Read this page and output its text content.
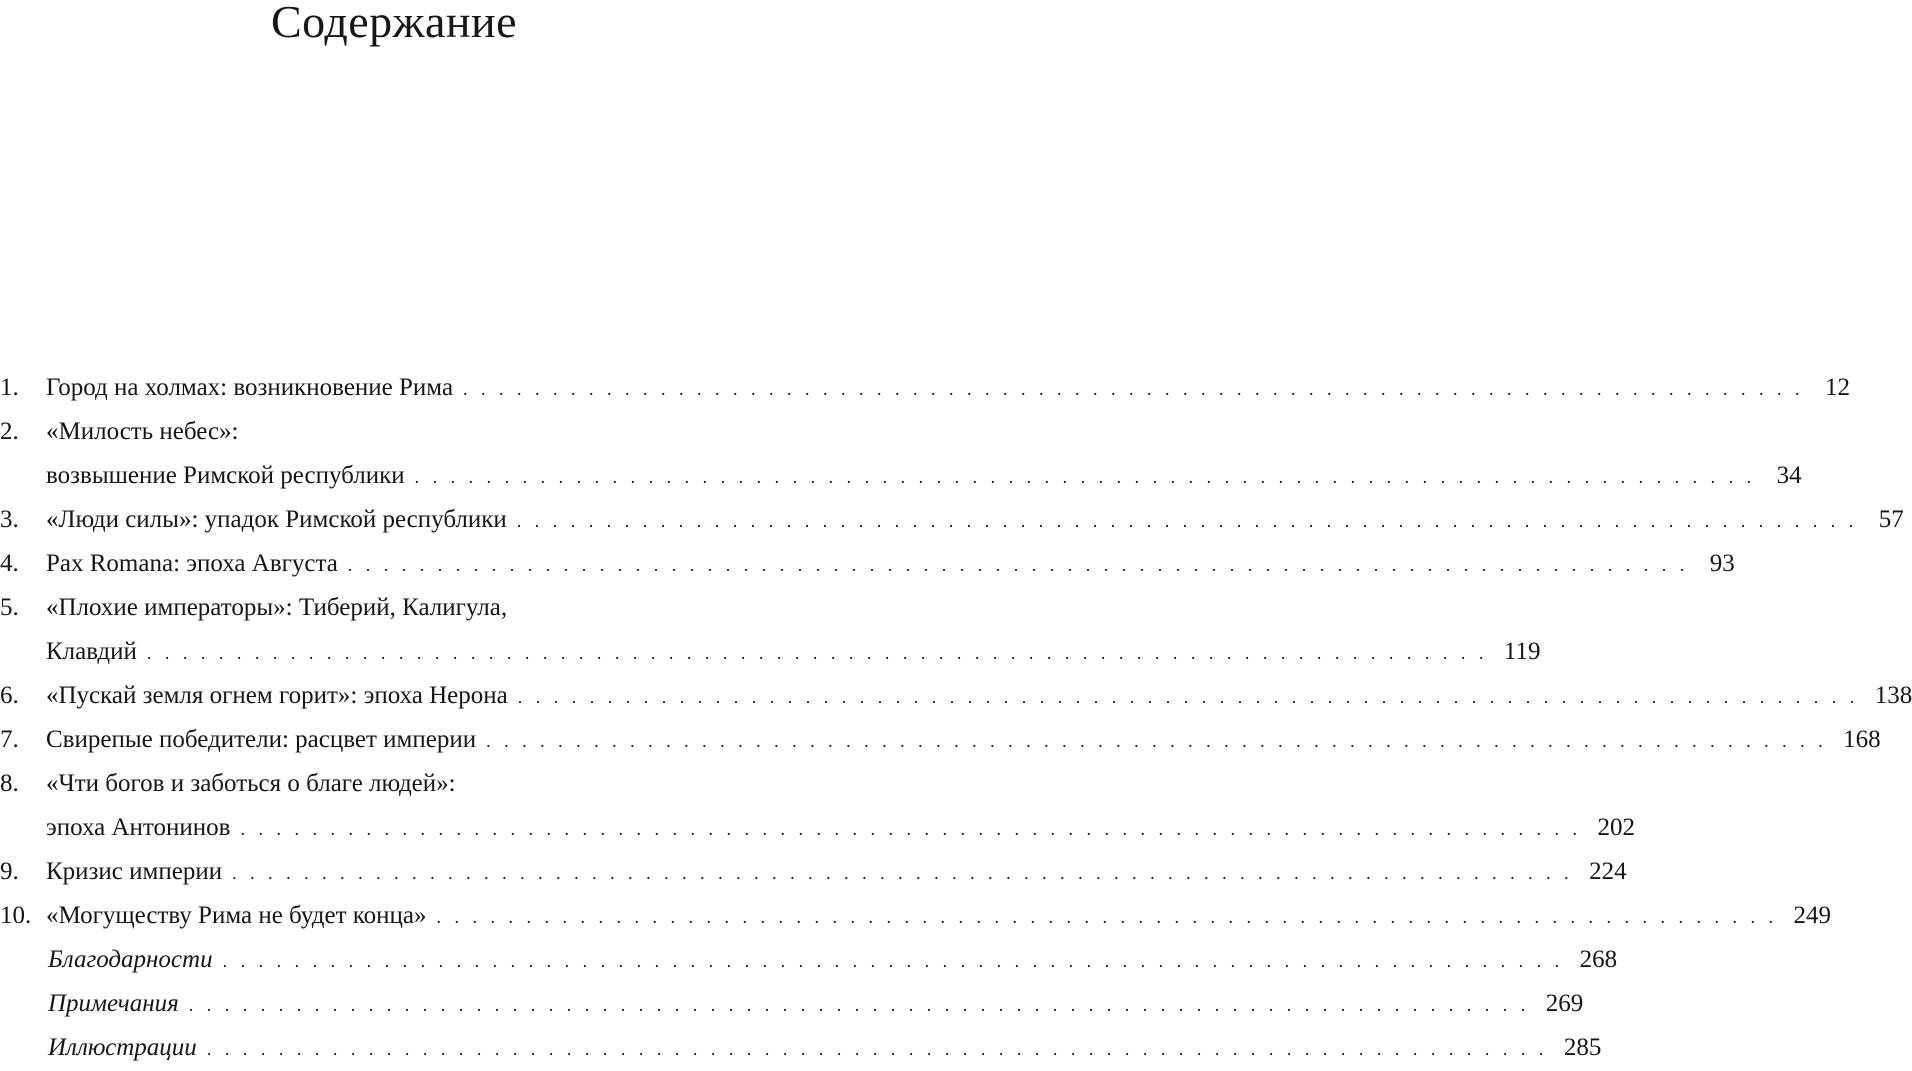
Содержание
1.	Город на холмах: возникновение Рима . . .	12
2.	«Милость небес»:
возвышение Римской республики . . .	34
3.	«Люди силы»: упадок Римской республики . . .	57
4.	Pax Romana: эпоха Августа . . .	93
5.	«Плохие императоры»: Тиберий, Калигула,
Клавдий . . .	119
6.	«Пускай земля огнем горит»: эпоха Нерона . . .	138
7.	Свирепые победители: расцвет империи . . .	168
8.	«Чти богов и заботься о благе людей»:
эпоха Антонинов . . .	202
9.	Кризис империи . . .	224
10. «Могуществу Рима не будет конца» . . .	249
Благодарности . . .	268
Примечания . . .	269
Иллюстрации . . .	285
